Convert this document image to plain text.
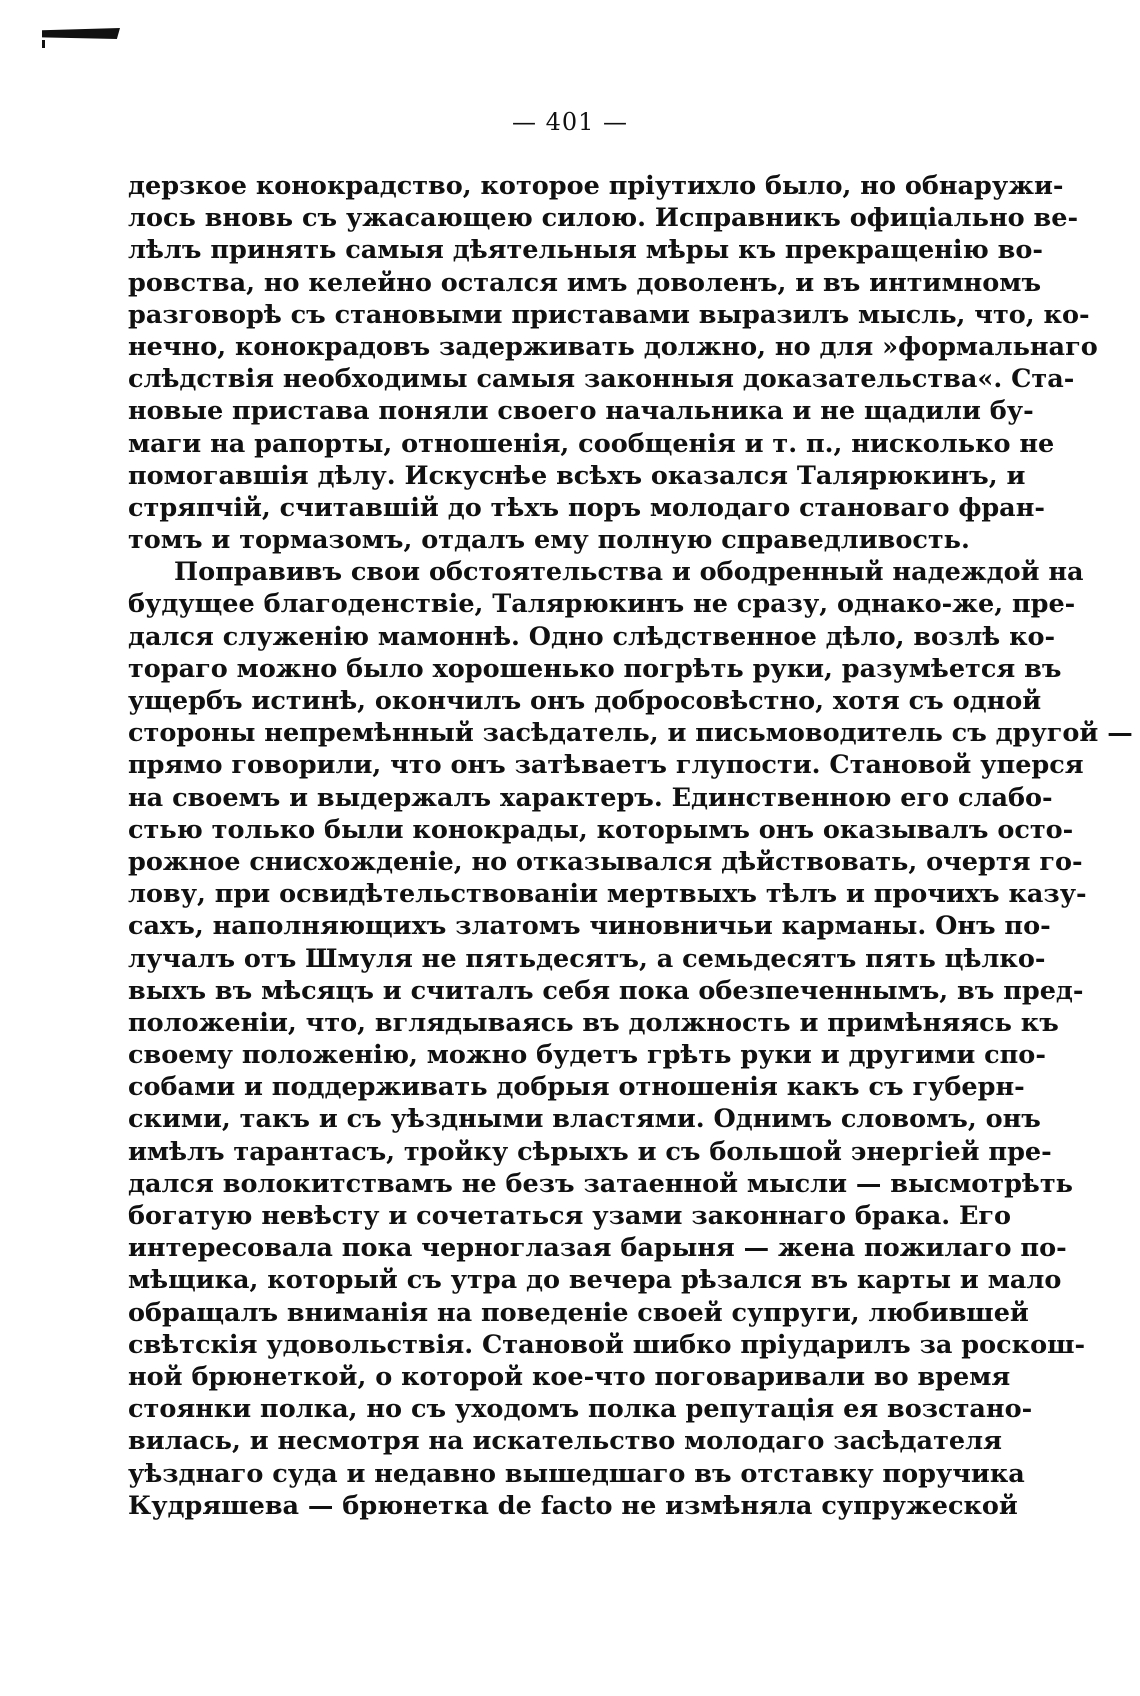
— 401 —
дерзкое конокрадство, которое пріутихло было, но обнаружи-
лось вновь съ ужасающею силою. Исправникъ офиціально ве-
лѣлъ принять самыя дѣятельныя мѣры къ прекращенію во-
ровства, но келейно остался имъ доволенъ, и въ интимномъ
разговорѣ съ становыми приставами выразилъ мысль, что, ко-
нечно, конокрадовъ задерживать должно, но для »формальнаго
слѣдствія необходимы самыя законныя доказательства«. Ста-
новые пристава поняли своего начальника и не щадили бу-
маги на рапорты, отношенія, сообщенія и т. п., нисколько не
помогавшія дѣлу. Искуснѣе всѣхъ оказался Талярюкинъ, и
стряпчій, считавшій до тѣхъ поръ молодаго становаго фран-
томъ и тормазомъ, отдалъ ему полную справедливость.
Поправивъ свои обстоятельства и ободренный надеждой на
будущее благоденствіе, Талярюкинъ не сразу, однако-же, пре-
дался служенію мамоннѣ. Одно слѣдственное дѣло, возлѣ ко-
тораго можно было хорошенько погрѣть руки, разумѣется въ
ущербъ истинѣ, окончилъ онъ добросовѣстно, хотя съ одной
стороны непремѣнный засѣдатель, и письмоводитель съ другой —
прямо говорили, что онъ затѣваетъ глупости. Становой уперся
на своемъ и выдержалъ характеръ. Единственною его слабо-
стью только были конокрады, которымъ онъ оказывалъ осто-
рожное снисхожденіе, но отказывался дѣйствовать, очертя го-
лову, при освидѣтельствованіи мертвыхъ тѣлъ и прочихъ казу-
сахъ, наполняющихъ златомъ чиновничьи карманы. Онъ по-
лучалъ отъ Шмуля не пятьдесятъ, а семьдесятъ пять цѣлко-
выхъ въ мѣсяцъ и считалъ себя пока обезпеченнымъ, въ пред-
положеніи, что, вглядываясь въ должность и примѣняясь къ
своему положенію, можно будетъ грѣть руки и другими спо-
собами и поддерживать добрыя отношенія какъ съ губерн-
скими, такъ и съ уѣздными властями. Однимъ словомъ, онъ
имѣлъ тарантасъ, тройку сѣрыхъ и съ большой энергіей пре-
дался волокитствамъ не безъ затаенной мысли — высмотрѣть
богатую невѣсту и сочетаться узами законнаго брака. Его
интересовала пока черноглазая барыня — жена пожилаго по-
мѣщика, который съ утра до вечера рѣзался въ карты и мало
обращалъ вниманія на поведеніе своей супруги, любившей
свѣтскія удовольствія. Становой шибко пріударилъ за роскош-
ной брюнеткой, о которой кое-что поговаривали во время
стоянки полка, но съ уходомъ полка репутація ея возстано-
вилась, и несмотря на искательство молодаго засѣдателя
уѣзднаго суда и недавно вышедшаго въ отставку поручика
Кудряшева — брюнетка de facto не измѣняла супружеской
